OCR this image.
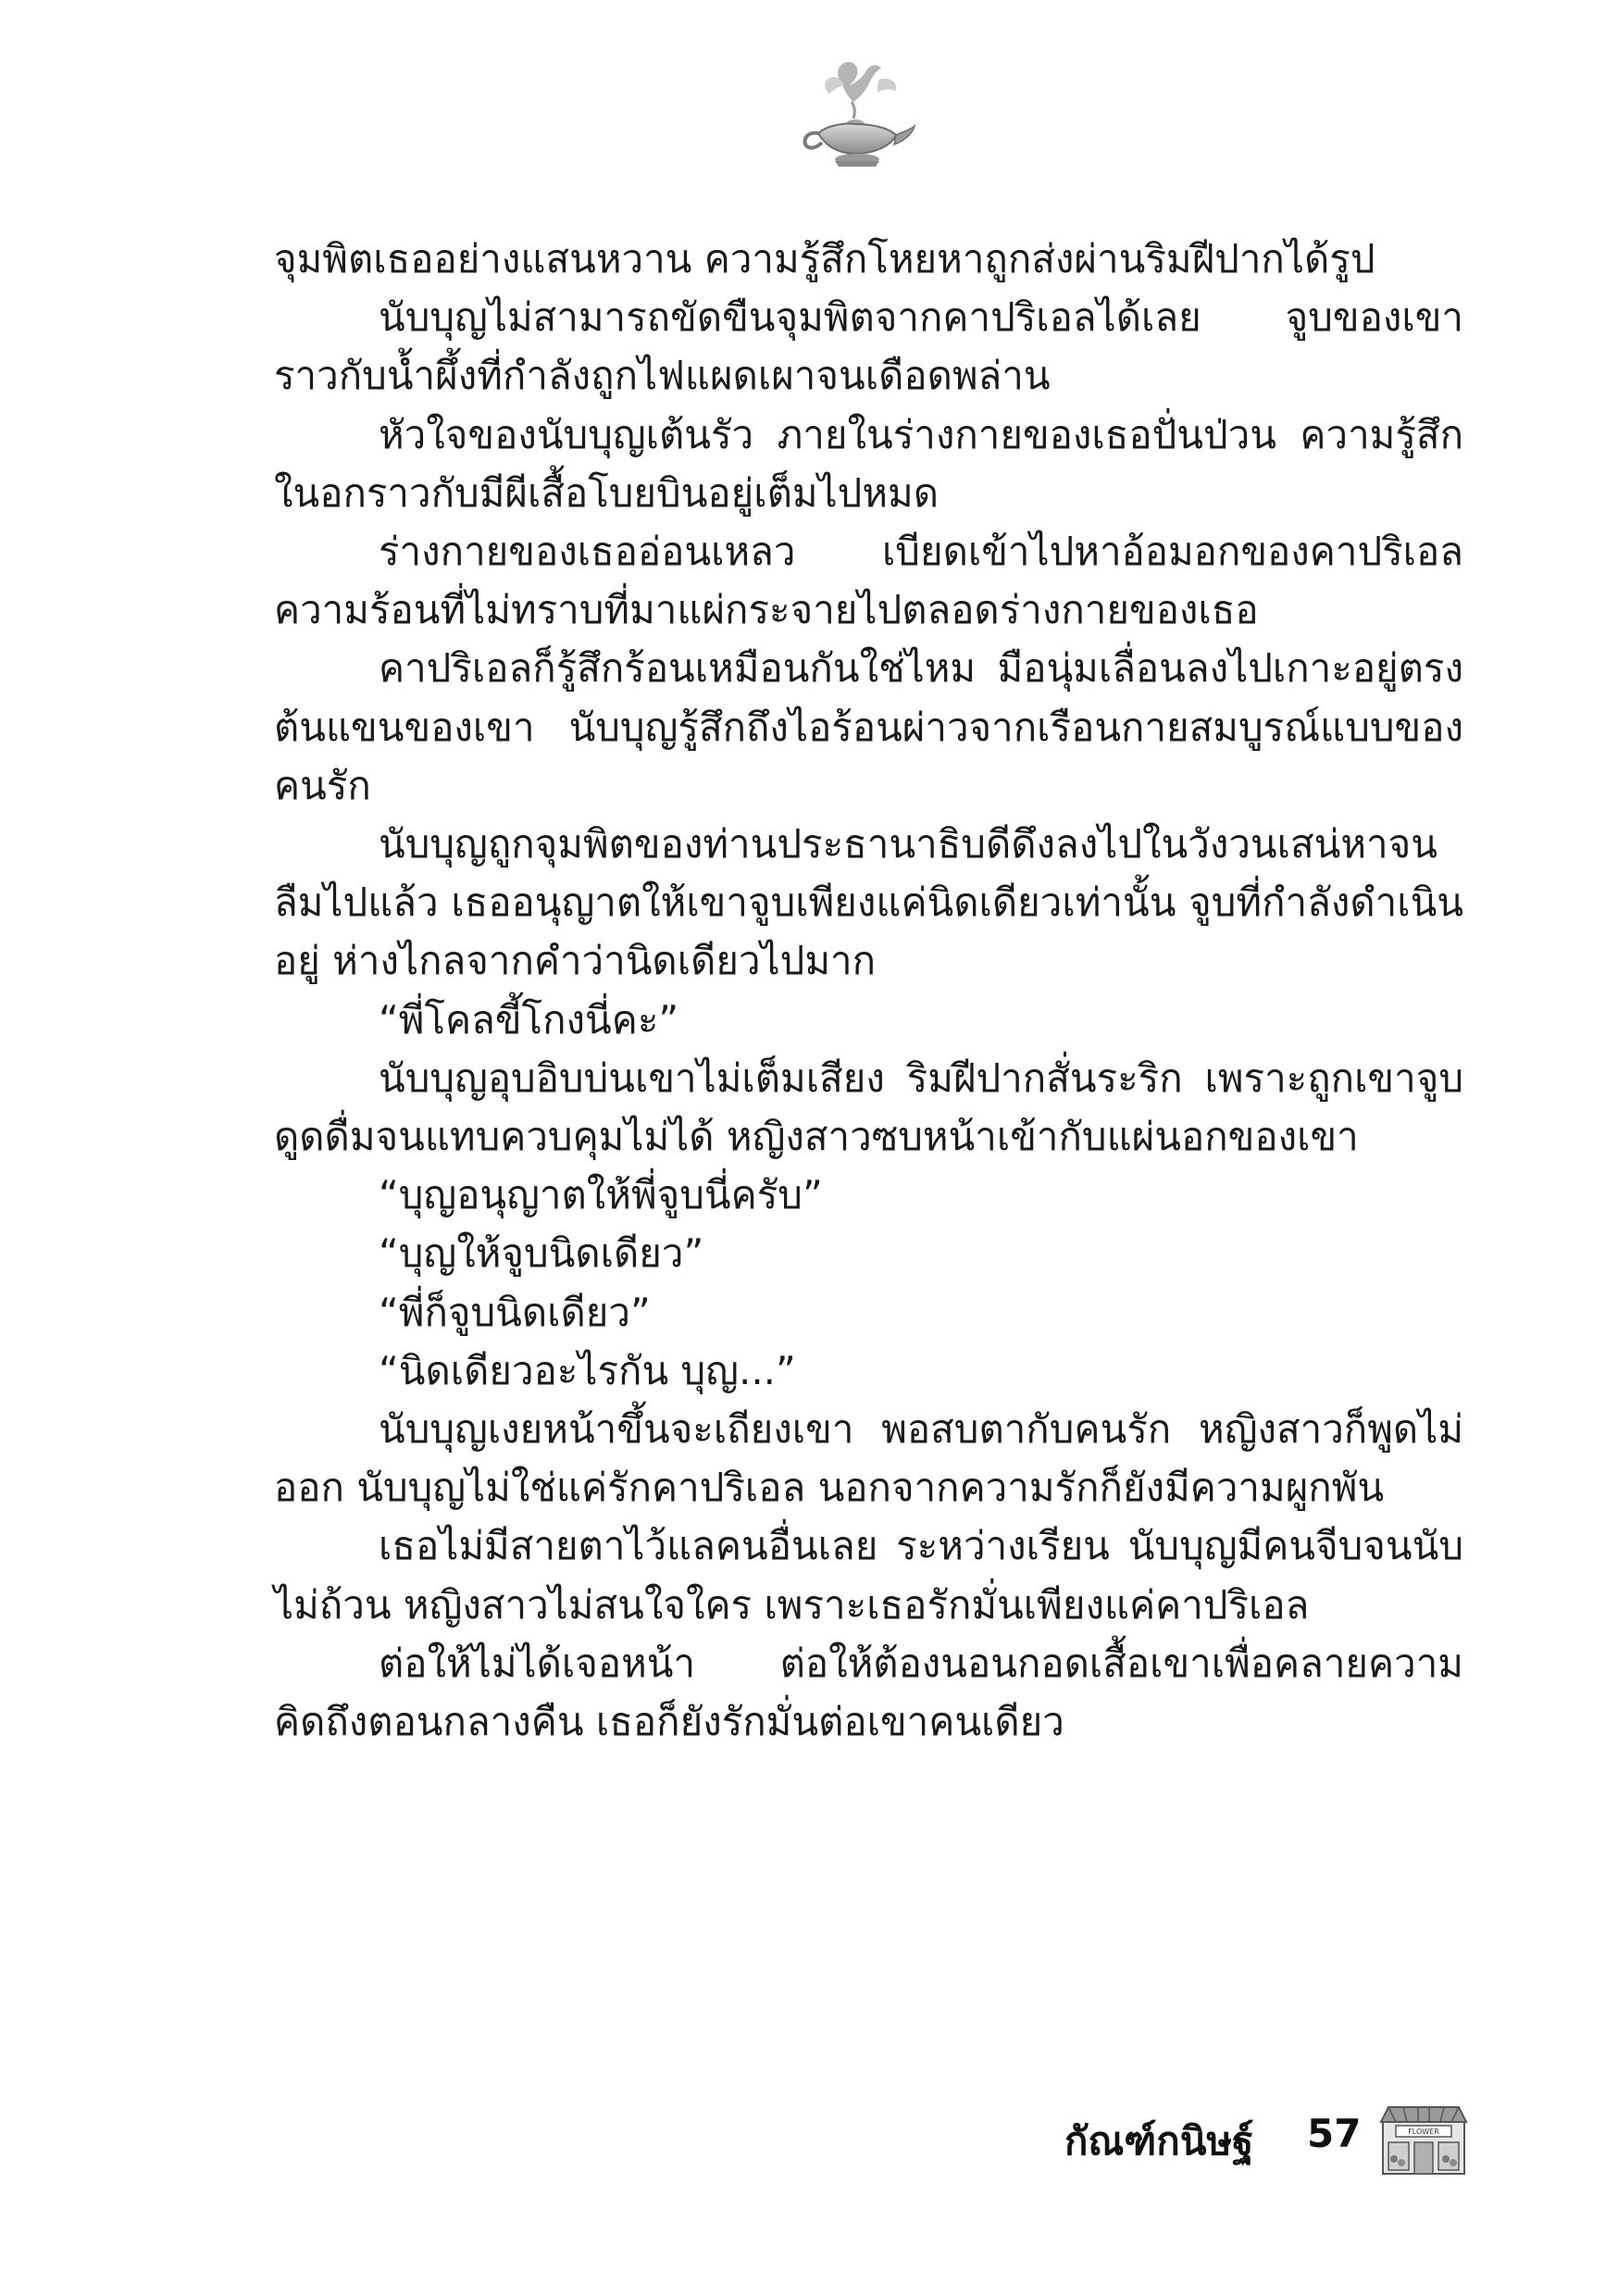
จุมพิตเธออย่างแสนหวาน ความรู้สึกโหยหาถูกส่งผ่านริมฝีปากได้รูป

นับบุญไม่สามารถขัดขืนจุมพิตจากคาปริเอลได้เลย จูบของเขาราวกับน้ำผึ้งที่กำลังถูกไฟแผดเผาจนเดือดพล่าน

หัวใจของนับบุญเต้นรัว ภายในร่างกายของเธอปั่นป่วน ความรู้สึกในอกราวกับมีผีเสื้อโบยบินอยู่เต็มไปหมด

ร่างกายของเธออ่อนเหลว เบียดเข้าไปหาอ้อมอกของคาปริเอลความร้อนที่ไม่ทราบที่มาแผ่กระจายไปตลอดร่างกายของเธอ

คาปริเอลก็รู้สึกร้อนเหมือนกันใช่ไหม มือนุ่มเลื่อนลงไปเกาะอยู่ตรงต้นแขนของเขา นับบุญรู้สึกถึงไอร้อนผ่าวจากเรือนกายสมบูรณ์แบบของคนรัก

นับบุญถูกจุมพิตของท่านประธานาธิบดีดึงลงไปในวังวนเสน่หาจนลืมไปแล้ว เธออนุญาตให้เขาจูบเพียงแค่นิดเดียวเท่านั้น จูบที่กำลังดำเนินอยู่ ห่างไกลจากคำว่านิดเดียวไปมาก

“พี่โคลขี้โกงนี่คะ”

นับบุญอุบอิบบ่นเขาไม่เต็มเสียง ริมฝีปากสั่นระริก เพราะถูกเขาจูบดูดดื่มจนแทบควบคุมไม่ได้ หญิงสาวซบหน้าเข้ากับแผ่นอกของเขา

“บุญอนุญาตให้พี่จูบนี่ครับ”

“บุญให้จูบนิดเดียว”

“พี่ก็จูบนิดเดียว”

“นิดเดียวอะไรกัน บุญ...”

นับบุญเงยหน้าขึ้นจะเถียงเขา พอสบตากับคนรัก หญิงสาวก็พูดไม่ออก นับบุญไม่ใช่แค่รักคาปริเอล นอกจากความรักก็ยังมีความผูกพัน

เธอไม่มีสายตาไว้แลคนอื่นเลย ระหว่างเรียน นับบุญมีคนจีบจนนับไม่ถ้วน หญิงสาวไม่สนใจใคร เพราะเธอรักมั่นเพียงแค่คาปริเอล

ต่อให้ไม่ได้เจอหน้า ต่อให้ต้องนอนกอดเสื้อเขาเพื่อคลายความคิดถึงตอนกลางคืน เธอก็ยังรักมั่นต่อเขาคนเดียว

กัณฑ์กนิษฐ์ 57	FLOWER
